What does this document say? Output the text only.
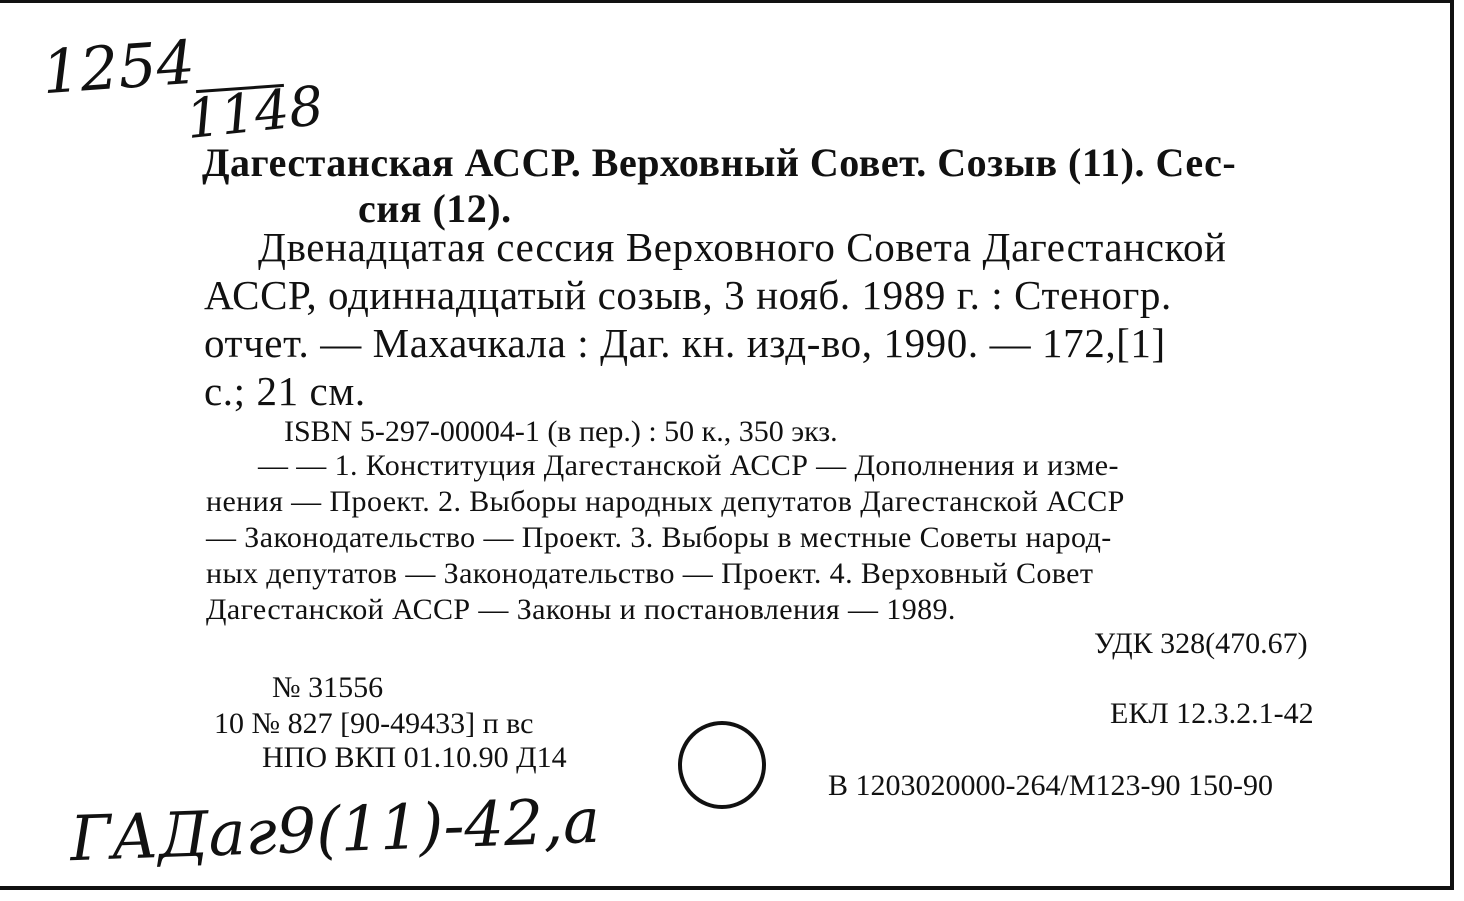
1254
1148
Дагестанская АССР. Верховный Совет. Созыв (11). Сес-
сия (12).
Двенадцатая сессия Верховного Совета Дагестанской
АССР, одиннадцатый созыв, 3 нояб. 1989 г. : Стеногр.
отчет. — Махачкала : Даг. кн. изд-во, 1990. — 172,[1]
с.; 21 см.
ISBN 5-297-00004-1 (в пер.) : 50 к., 350 экз.
— — 1. Конституция Дагестанской АССР — Дополнения и изме-
нения — Проект. 2. Выборы народных депутатов Дагестанской АССР
— Законодательство — Проект. 3. Выборы в местные Советы народ-
ных депутатов — Законодательство — Проект. 4. Верховный Совет
Дагестанской АССР — Законы и постановления — 1989.
УДК 328(470.67)
№ 31556
10 № 827 [90-49433] п вс
НПО ВКП 01.10.90 Д14
ЕКЛ 12.3.2.1-42
В 1203020000-264/М123-90 150-90
ГАДаг9(11)-42,а
